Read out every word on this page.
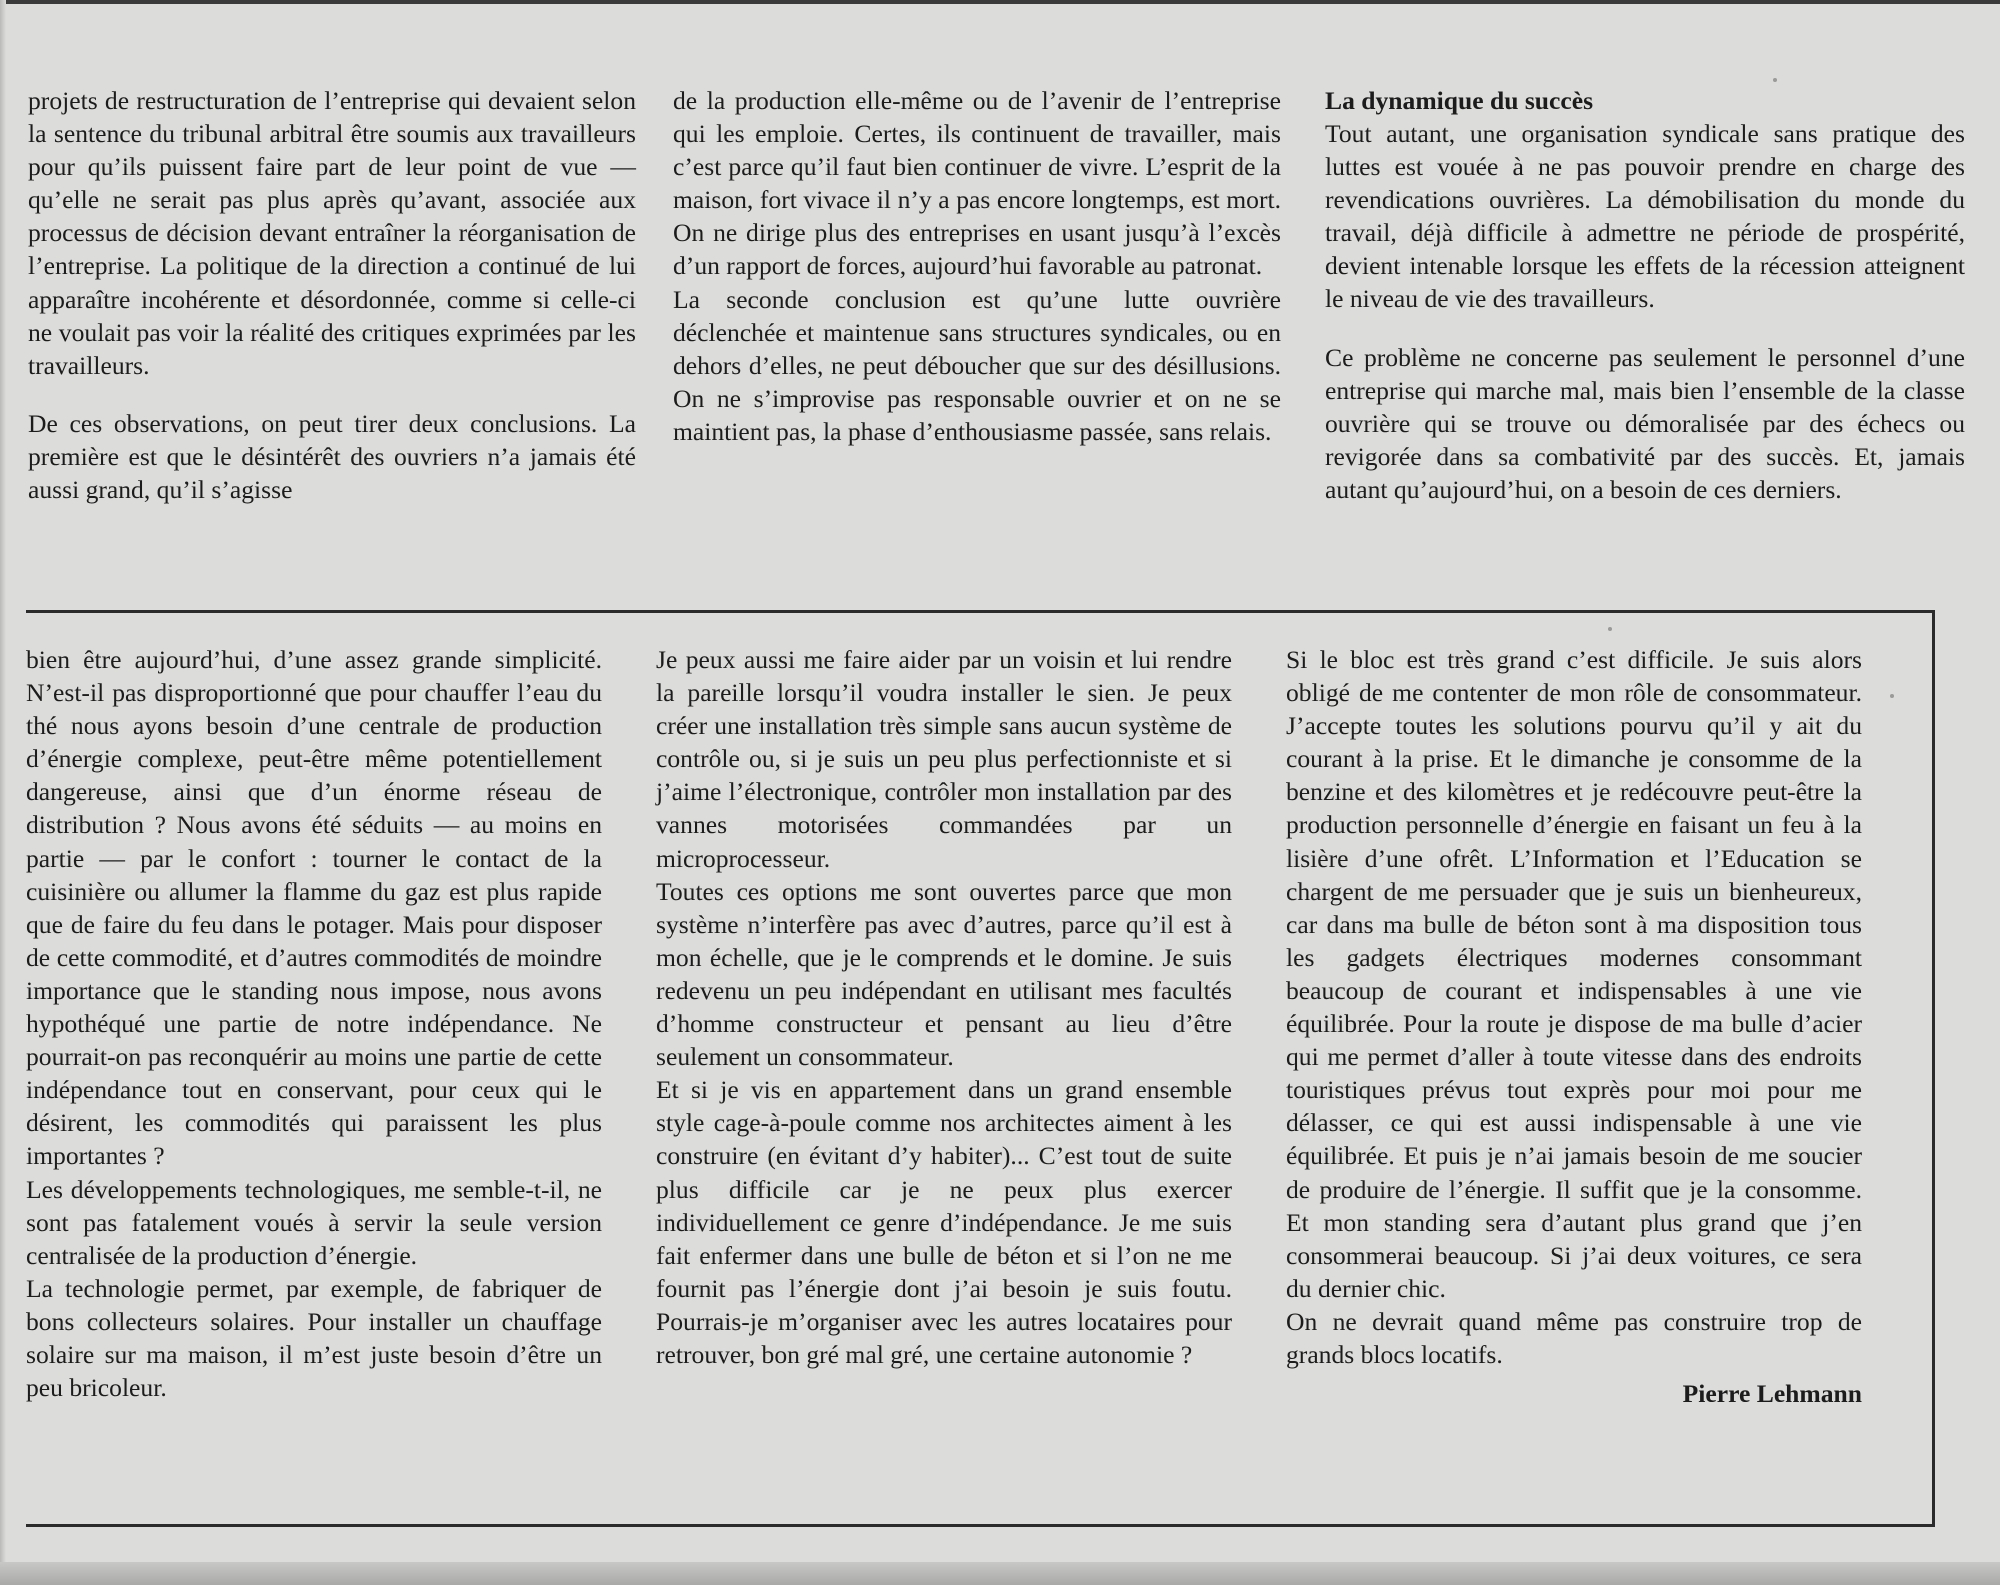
projets de restructuration de l’entreprise qui devaient selon la sentence du tribunal arbitral être soumis aux travailleurs pour qu’ils puissent faire part de leur point de vue — qu’elle ne serait pas plus après qu’avant, associée aux processus de décision devant entraîner la réorganisation de l’entreprise. La politique de la direction a continué de lui apparaître incohérente et désordonnée, comme si celle-ci ne voulait pas voir la réalité des critiques exprimées par les travailleurs.

De ces observations, on peut tirer deux conclusions. La première est que le désintérêt des ouvriers n’a jamais été aussi grand, qu’il s’agisse

de la production elle-même ou de l’avenir de l’entreprise qui les emploie. Certes, ils continuent de travailler, mais c’est parce qu’il faut bien continuer de vivre. L’esprit de la maison, fort vivace il n’y a pas encore longtemps, est mort. On ne dirige plus des entreprises en usant jusqu’à l’excès d’un rapport de forces, aujourd’hui favorable au patronat.

La seconde conclusion est qu’une lutte ouvrière déclenchée et maintenue sans structures syndicales, ou en dehors d’elles, ne peut déboucher que sur des désillusions. On ne s’improvise pas responsable ouvrier et on ne se maintient pas, la phase d’enthousiasme passée, sans relais.

La dynamique du succès

Tout autant, une organisation syndicale sans pratique des luttes est vouée à ne pas pouvoir prendre en charge des revendications ouvrières. La démobilisation du monde du travail, déjà difficile à admettre ne période de prospérité, devient intenable lorsque les effets de la récession atteignent le niveau de vie des travailleurs.

Ce problème ne concerne pas seulement le personnel d’une entreprise qui marche mal, mais bien l’ensemble de la classe ouvrière qui se trouve ou démoralisée par des échecs ou revigorée dans sa combativité par des succès. Et, jamais autant qu’aujourd’hui, on a besoin de ces derniers.

bien être aujourd’hui, d’une assez grande simplicité. N’est-il pas disproportionné que pour chauffer l’eau du thé nous ayons besoin d’une centrale de production d’énergie complexe, peut-être même potentiellement dangereuse, ainsi que d’un énorme réseau de distribution ? Nous avons été séduits — au moins en partie — par le confort : tourner le contact de la cuisinière ou allumer la flamme du gaz est plus rapide que de faire du feu dans le potager. Mais pour disposer de cette commodité, et d’autres commodités de moindre importance que le standing nous impose, nous avons hypothéqué une partie de notre indépendance. Ne pourrait-on pas reconquérir au moins une partie de cette indépendance tout en conservant, pour ceux qui le désirent, les commodités qui paraissent les plus importantes ?

Les développements technologiques, me semble-t-il, ne sont pas fatalement voués à servir la seule version centralisée de la production d’énergie.

La technologie permet, par exemple, de fabriquer de bons collecteurs solaires. Pour installer un chauffage solaire sur ma maison, il m’est juste besoin d’être un peu bricoleur.

Je peux aussi me faire aider par un voisin et lui rendre la pareille lorsqu’il voudra installer le sien. Je peux créer une installation très simple sans aucun système de contrôle ou, si je suis un peu plus perfectionniste et si j’aime l’électronique, contrôler mon installation par des vannes motorisées commandées par un microprocesseur.

Toutes ces options me sont ouvertes parce que mon système n’interfère pas avec d’autres, parce qu’il est à mon échelle, que je le comprends et le domine. Je suis redevenu un peu indépendant en utilisant mes facultés d’homme constructeur et pensant au lieu d’être seulement un consommateur.

Et si je vis en appartement dans un grand ensemble style cage-à-poule comme nos architectes aiment à les construire (en évitant d’y habiter)... C’est tout de suite plus difficile car je ne peux plus exercer individuellement ce genre d’indépendance. Je me suis fait enfermer dans une bulle de béton et si l’on ne me fournit pas l’énergie dont j’ai besoin je suis foutu. Pourrais-je m’organiser avec les autres locataires pour retrouver, bon gré mal gré, une certaine autonomie ?

Si le bloc est très grand c’est difficile. Je suis alors obligé de me contenter de mon rôle de consommateur. J’accepte toutes les solutions pourvu qu’il y ait du courant à la prise. Et le dimanche je consomme de la benzine et des kilomètres et je redécouvre peut-être la production personnelle d’énergie en faisant un feu à la lisière d’une ofrêt. L’Information et l’Education se chargent de me persuader que je suis un bienheureux, car dans ma bulle de béton sont à ma disposition tous les gadgets électriques modernes consommant beaucoup de courant et indispensables à une vie équilibrée. Pour la route je dispose de ma bulle d’acier qui me permet d’aller à toute vitesse dans des endroits touristiques prévus tout exprès pour moi pour me délasser, ce qui est aussi indispensable à une vie équilibrée. Et puis je n’ai jamais besoin de me soucier de produire de l’énergie. Il suffit que je la consomme. Et mon standing sera d’autant plus grand que j’en consommerai beaucoup. Si j’ai deux voitures, ce sera du dernier chic.

On ne devrait quand même pas construire trop de grands blocs locatifs.

Pierre Lehmann
